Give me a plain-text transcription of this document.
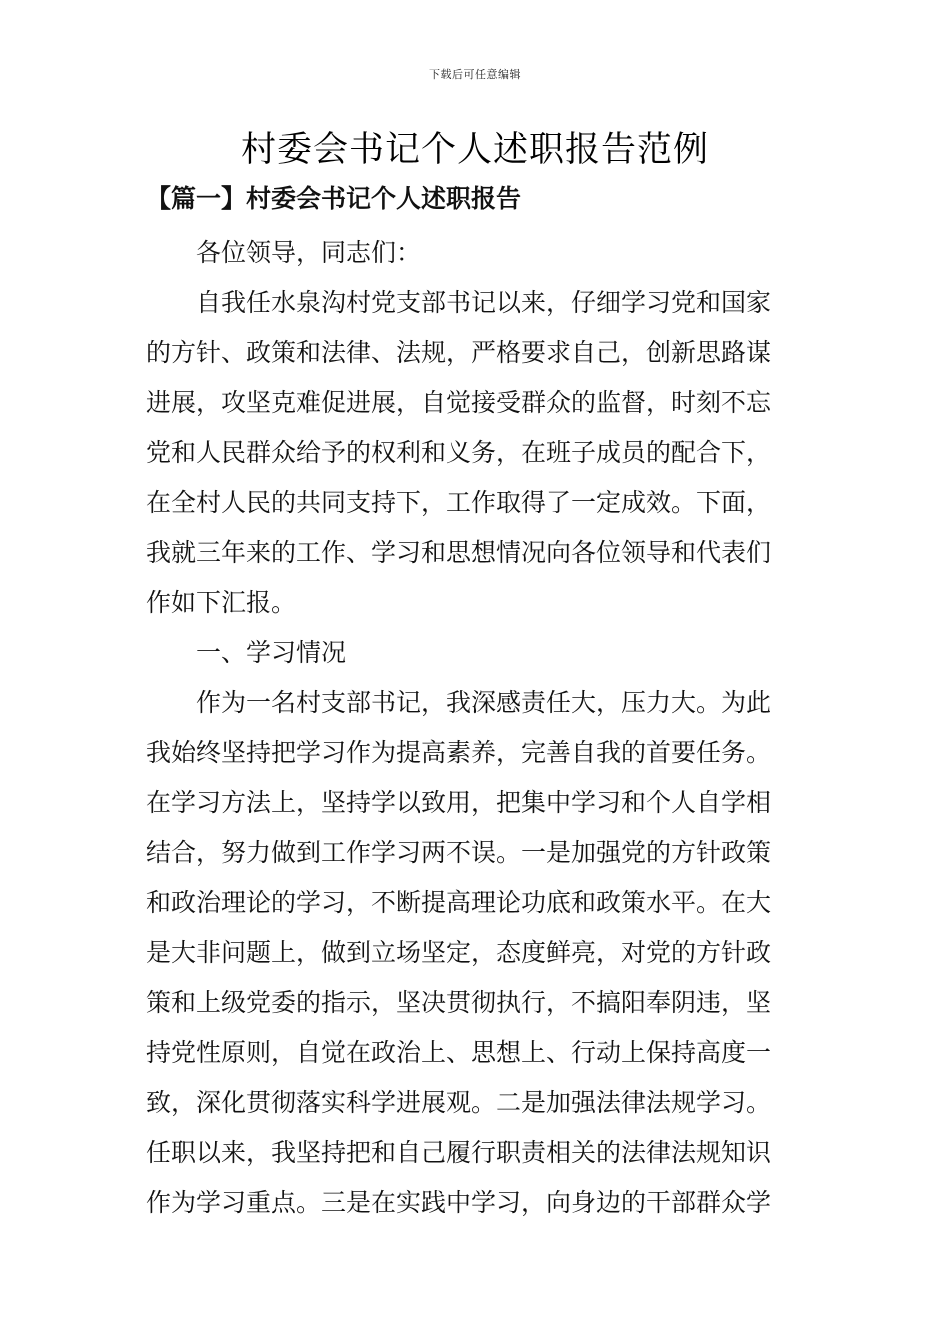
下载后可任意编辑
村委会书记个人述职报告范例
【篇一】村委会书记个人述职报告
各位领导，同志们：
自我任水泉沟村党支部书记以来，仔细学习党和国家
的方针、政策和法律、法规，严格要求自己，创新思路谋
进展，攻坚克难促进展，自觉接受群众的监督，时刻不忘
党和人民群众给予的权利和义务，在班子成员的配合下，
在全村人民的共同支持下，工作取得了一定成效。下面，
我就三年来的工作、学习和思想情况向各位领导和代表们
作如下汇报。
一、学习情况
作为一名村支部书记，我深感责任大，压力大。为此
我始终坚持把学习作为提高素养，完善自我的首要任务。
在学习方法上，坚持学以致用，把集中学习和个人自学相
结合，努力做到工作学习两不误。一是加强党的方针政策
和政治理论的学习，不断提高理论功底和政策水平。在大
是大非问题上，做到立场坚定，态度鲜亮，对党的方针政
策和上级党委的指示，坚决贯彻执行，不搞阳奉阴违，坚
持党性原则，自觉在政治上、思想上、行动上保持高度一
致，深化贯彻落实科学进展观。二是加强法律法规学习。
任职以来，我坚持把和自己履行职责相关的法律法规知识
作为学习重点。三是在实践中学习，向身边的干部群众学
